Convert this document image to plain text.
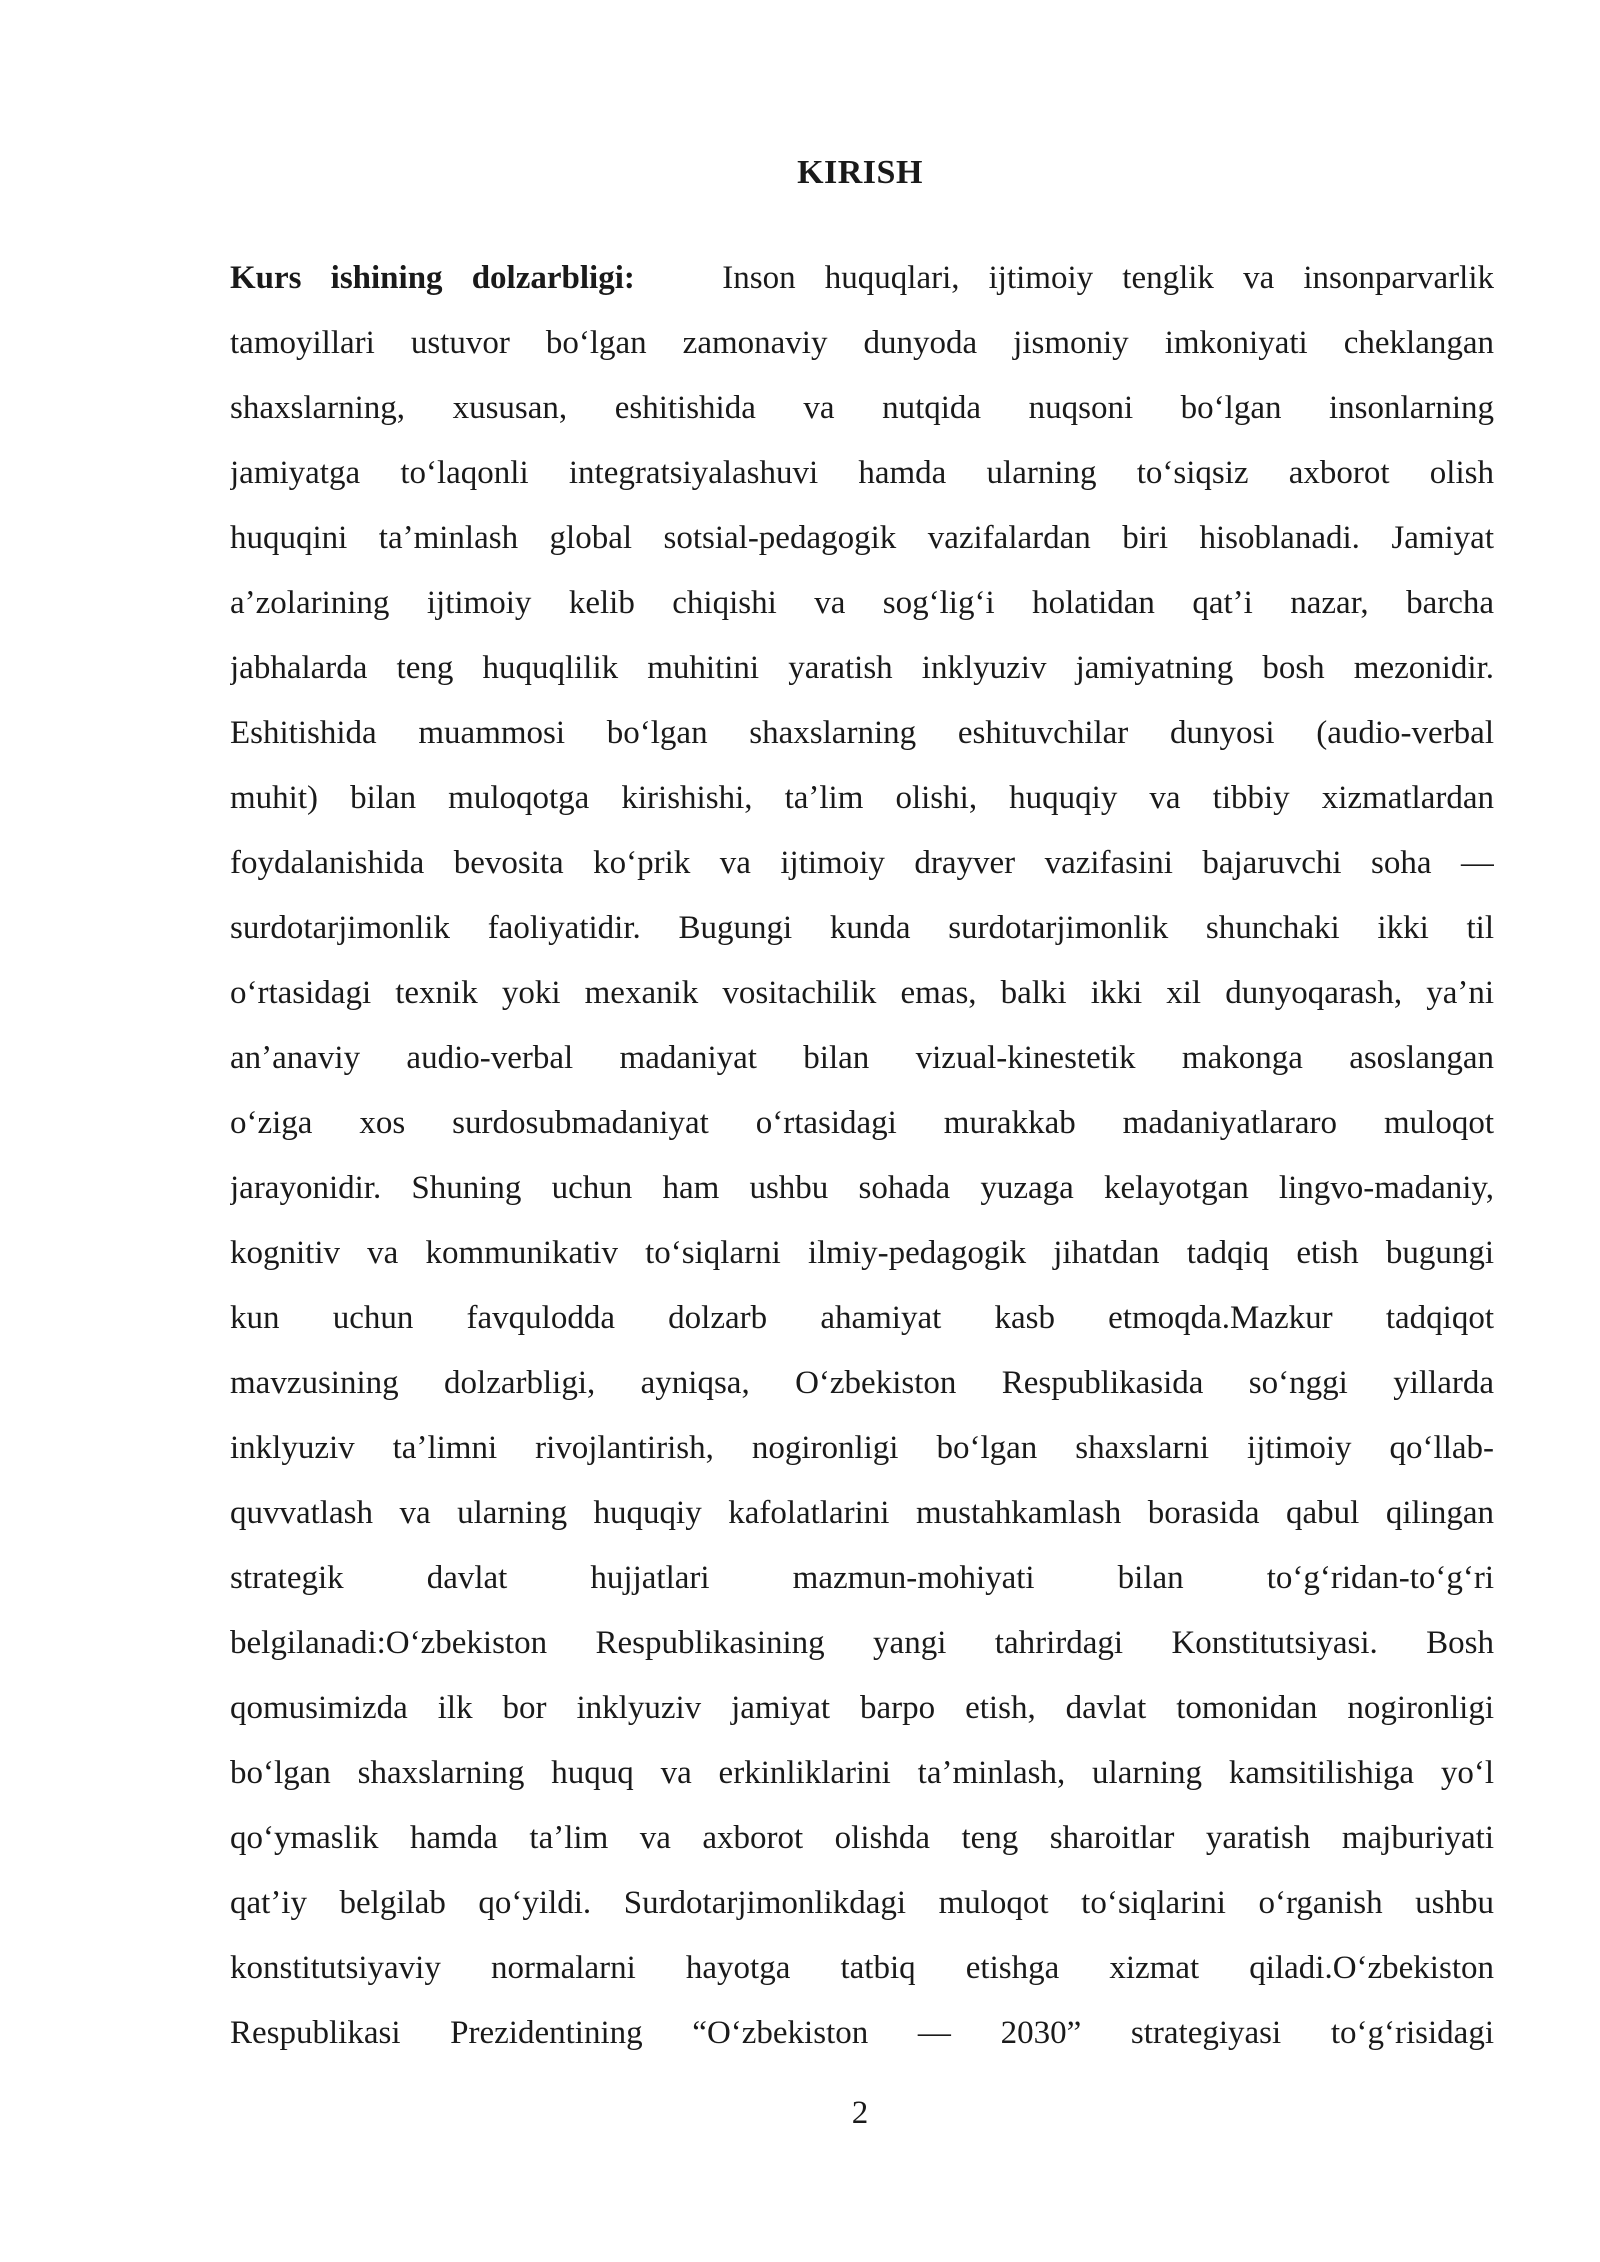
KIRISH
Kurs ishining dolzarbligi:	Inson huquqlari, ijtimoiy tenglik va insonparvarlik
tamoyillari ustuvor boʻlgan zamonaviy dunyoda jismoniy imkoniyati cheklangan
shaxslarning, xususan, eshitishida va nutqida nuqsoni boʻlgan insonlarning
jamiyatga toʻlaqonli integratsiyalashuvi hamda ularning toʻsiqsiz axborot olish
huquqini taʼminlash global sotsial-pedagogik vazifalardan biri hisoblanadi. Jamiyat
aʼzolarining ijtimoiy kelib chiqishi va sogʻligʻi holatidan qatʼi nazar, barcha
jabhalarda teng huquqlilik muhitini yaratish inklyuziv jamiyatning bosh mezonidir.
Eshitishida muammosi boʻlgan shaxslarning eshituvchilar dunyosi (audio-verbal
muhit) bilan muloqotga kirishishi, taʼlim olishi, huquqiy va tibbiy xizmatlardan
foydalanishida bevosita koʻprik va ijtimoiy drayver vazifasini bajaruvchi soha —
surdotarjimonlik faoliyatidir. Bugungi kunda surdotarjimonlik shunchaki ikki til
oʻrtasidagi texnik yoki mexanik vositachilik emas, balki ikki xil dunyoqarash, yaʼni
anʼanaviy audio-verbal madaniyat bilan vizual-kinestetik makonga asoslangan
oʻziga xos surdosubmadaniyat oʻrtasidagi murakkab madaniyatlararo muloqot
jarayonidir. Shuning uchun ham ushbu sohada yuzaga kelayotgan lingvo-madaniy,
kognitiv va kommunikativ toʻsiqlarni ilmiy-pedagogik jihatdan tadqiq etish bugungi
kun uchun favqulodda dolzarb ahamiyat kasb etmoqda.Mazkur tadqiqot
mavzusining dolzarbligi, ayniqsa, Oʻzbekiston Respublikasida soʻnggi yillarda
inklyuziv taʼlimni rivojlantirish, nogironligi boʻlgan shaxslarni ijtimoiy qoʻllab-
quvvatlash va ularning huquqiy kafolatlarini mustahkamlash borasida qabul qilingan
strategik davlat hujjatlari mazmun-mohiyati bilan toʻgʻridan-toʻgʻri
belgilanadi:Oʻzbekiston Respublikasining yangi tahrirdagi Konstitutsiyasi. Bosh
qomusimizda ilk bor inklyuziv jamiyat barpo etish, davlat tomonidan nogironligi
boʻlgan shaxslarning huquq va erkinliklarini taʼminlash, ularning kamsitilishiga yoʻl
qoʻymaslik hamda taʼlim va axborot olishda teng sharoitlar yaratish majburiyati
qatʼiy belgilab qoʻyildi. Surdotarjimonlikdagi muloqot toʻsiqlarini oʻrganish ushbu
konstitutsiyaviy normalarni hayotga tatbiq etishga xizmat qiladi.Oʻzbekiston
Respublikasi Prezidentining “Oʻzbekiston — 2030” strategiyasi toʻgʻrisidagi
2
